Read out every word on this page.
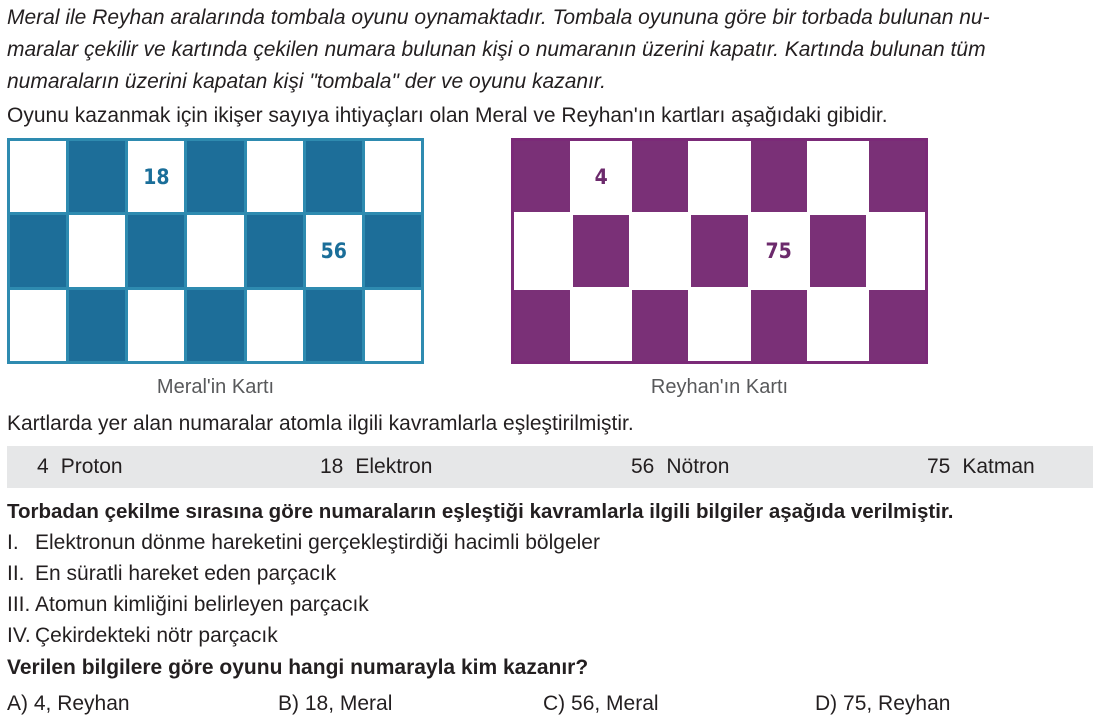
Meral ile Reyhan aralarında tombala oyunu oynamaktadır. Tombala oyununa göre bir torbada bulunan nu-
maralar çekilir ve kartında çekilen numara bulunan kişi o numaranın üzerini kapatır. Kartında bulunan tüm
numaraların üzerini kapatan kişi "tombala" der ve oyunu kazanır.
Oyunu kazanmak için ikişer sayıya ihtiyaçları olan Meral ve Reyhan'ın kartları aşağıdaki gibidir.
18
56
Meral'in Kartı
4
75
Reyhan'ın Kartı
Kartlarda yer alan numaralar atomla ilgili kavramlarla eşleştirilmiştir.
4 Proton	18 Elektron	56 Nötron	75 Katman
Torbadan çekilme sırasına göre numaraların eşleştiği kavramlarla ilgili bilgiler aşağıda verilmiştir.
I. Elektronun dönme hareketini gerçekleştirdiği hacimli bölgeler
II. En süratli hareket eden parçacık
III. Atomun kimliğini belirleyen parçacık
IV. Çekirdekteki nötr parçacık
Verilen bilgilere göre oyunu hangi numarayla kim kazanır?
A) 4, Reyhan	B) 18, Meral	C) 56, Meral	D) 75, Reyhan
